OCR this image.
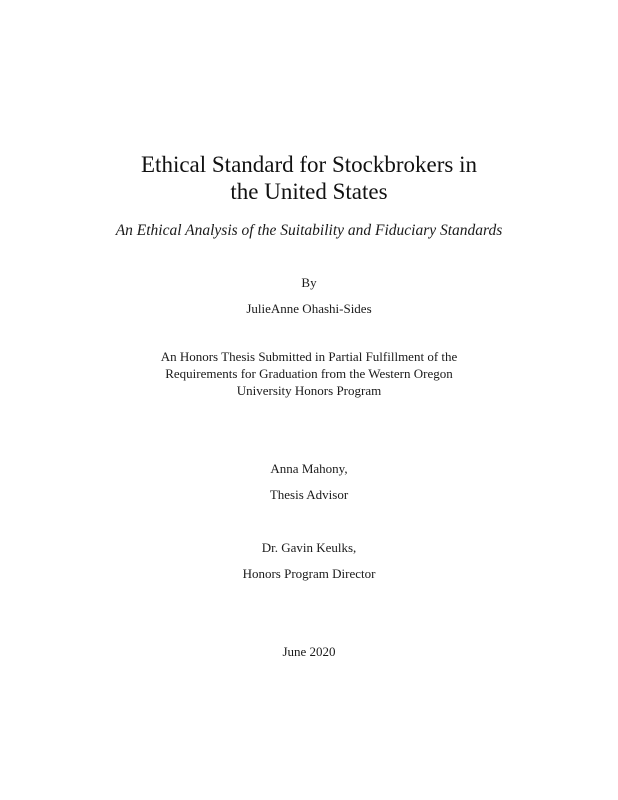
Ethical Standard for Stockbrokers in
the United States
An Ethical Analysis of the Suitability and Fiduciary Standards
By
JulieAnne Ohashi-Sides
An Honors Thesis Submitted in Partial Fulfillment of the
Requirements for Graduation from the Western Oregon
University Honors Program
Anna Mahony,
Thesis Advisor
Dr. Gavin Keulks,
Honors Program Director
June 2020
